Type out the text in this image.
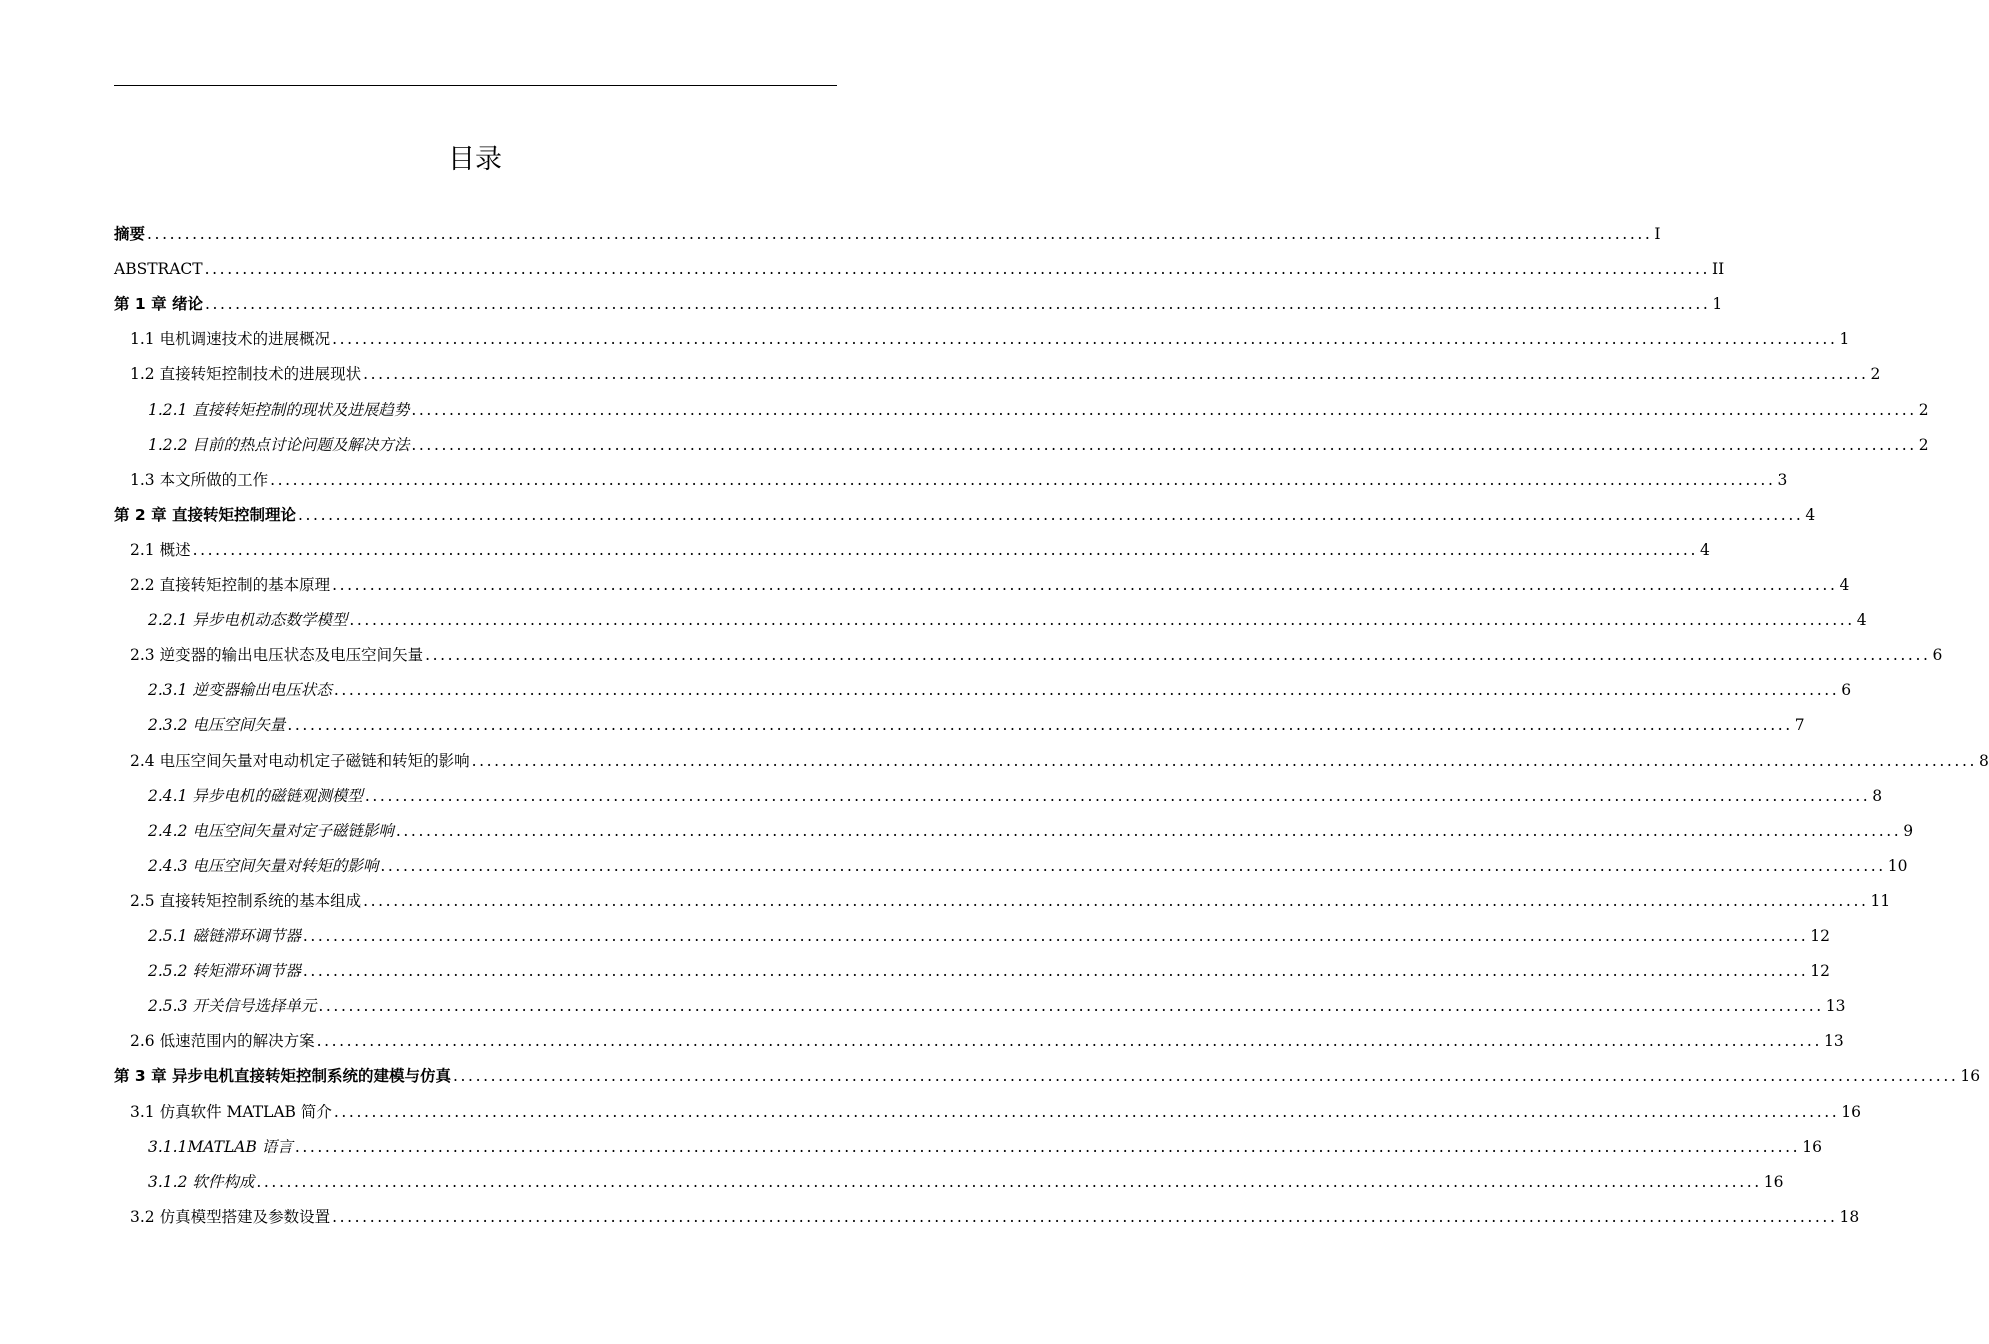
目录
摘要 ........................................................................................................................................................................................................ I
ABSTRACT ........................................................................................................................................................................................................ II
第 1 章 绪论 ........................................................................................................................................................................................................ 1
1.1 电机调速技术的进展概况 ........................................................................................................................................................................................................ 1
1.2 直接转矩控制技术的进展现状 ........................................................................................................................................................................................................ 2
1.2.1 直接转矩控制的现状及进展趋势 ........................................................................................................................................................................................................ 2
1.2.2 目前的热点讨论问题及解决方法 ........................................................................................................................................................................................................ 2
1.3 本文所做的工作 ........................................................................................................................................................................................................ 3
第 2 章 直接转矩控制理论 ........................................................................................................................................................................................................ 4
2.1 概述 ........................................................................................................................................................................................................ 4
2.2 直接转矩控制的基本原理 ........................................................................................................................................................................................................ 4
2.2.1 异步电机动态数学模型 ........................................................................................................................................................................................................ 4
2.3 逆变器的输出电压状态及电压空间矢量 ........................................................................................................................................................................................................ 6
2.3.1 逆变器输出电压状态 ........................................................................................................................................................................................................ 6
2.3.2 电压空间矢量 ........................................................................................................................................................................................................ 7
2.4 电压空间矢量对电动机定子磁链和转矩的影响 ........................................................................................................................................................................................................ 8
2.4.1 异步电机的磁链观测模型 ........................................................................................................................................................................................................ 8
2.4.2 电压空间矢量对定子磁链影响 ........................................................................................................................................................................................................ 9
2.4.3 电压空间矢量对转矩的影响 ........................................................................................................................................................................................................ 10
2.5 直接转矩控制系统的基本组成 ........................................................................................................................................................................................................ 11
2.5.1 磁链滞环调节器 ........................................................................................................................................................................................................ 12
2.5.2 转矩滞环调节器 ........................................................................................................................................................................................................ 12
2.5.3 开关信号选择单元 ........................................................................................................................................................................................................ 13
2.6 低速范围内的解决方案 ........................................................................................................................................................................................................ 13
第 3 章 异步电机直接转矩控制系统的建模与仿真 ........................................................................................................................................................................................................ 16
3.1 仿真软件 MATLAB 简介 ........................................................................................................................................................................................................ 16
3.1.1MATLAB 语言 ........................................................................................................................................................................................................ 16
3.1.2 软件构成 ........................................................................................................................................................................................................ 16
3.2 仿真模型搭建及参数设置 ........................................................................................................................................................................................................ 18
